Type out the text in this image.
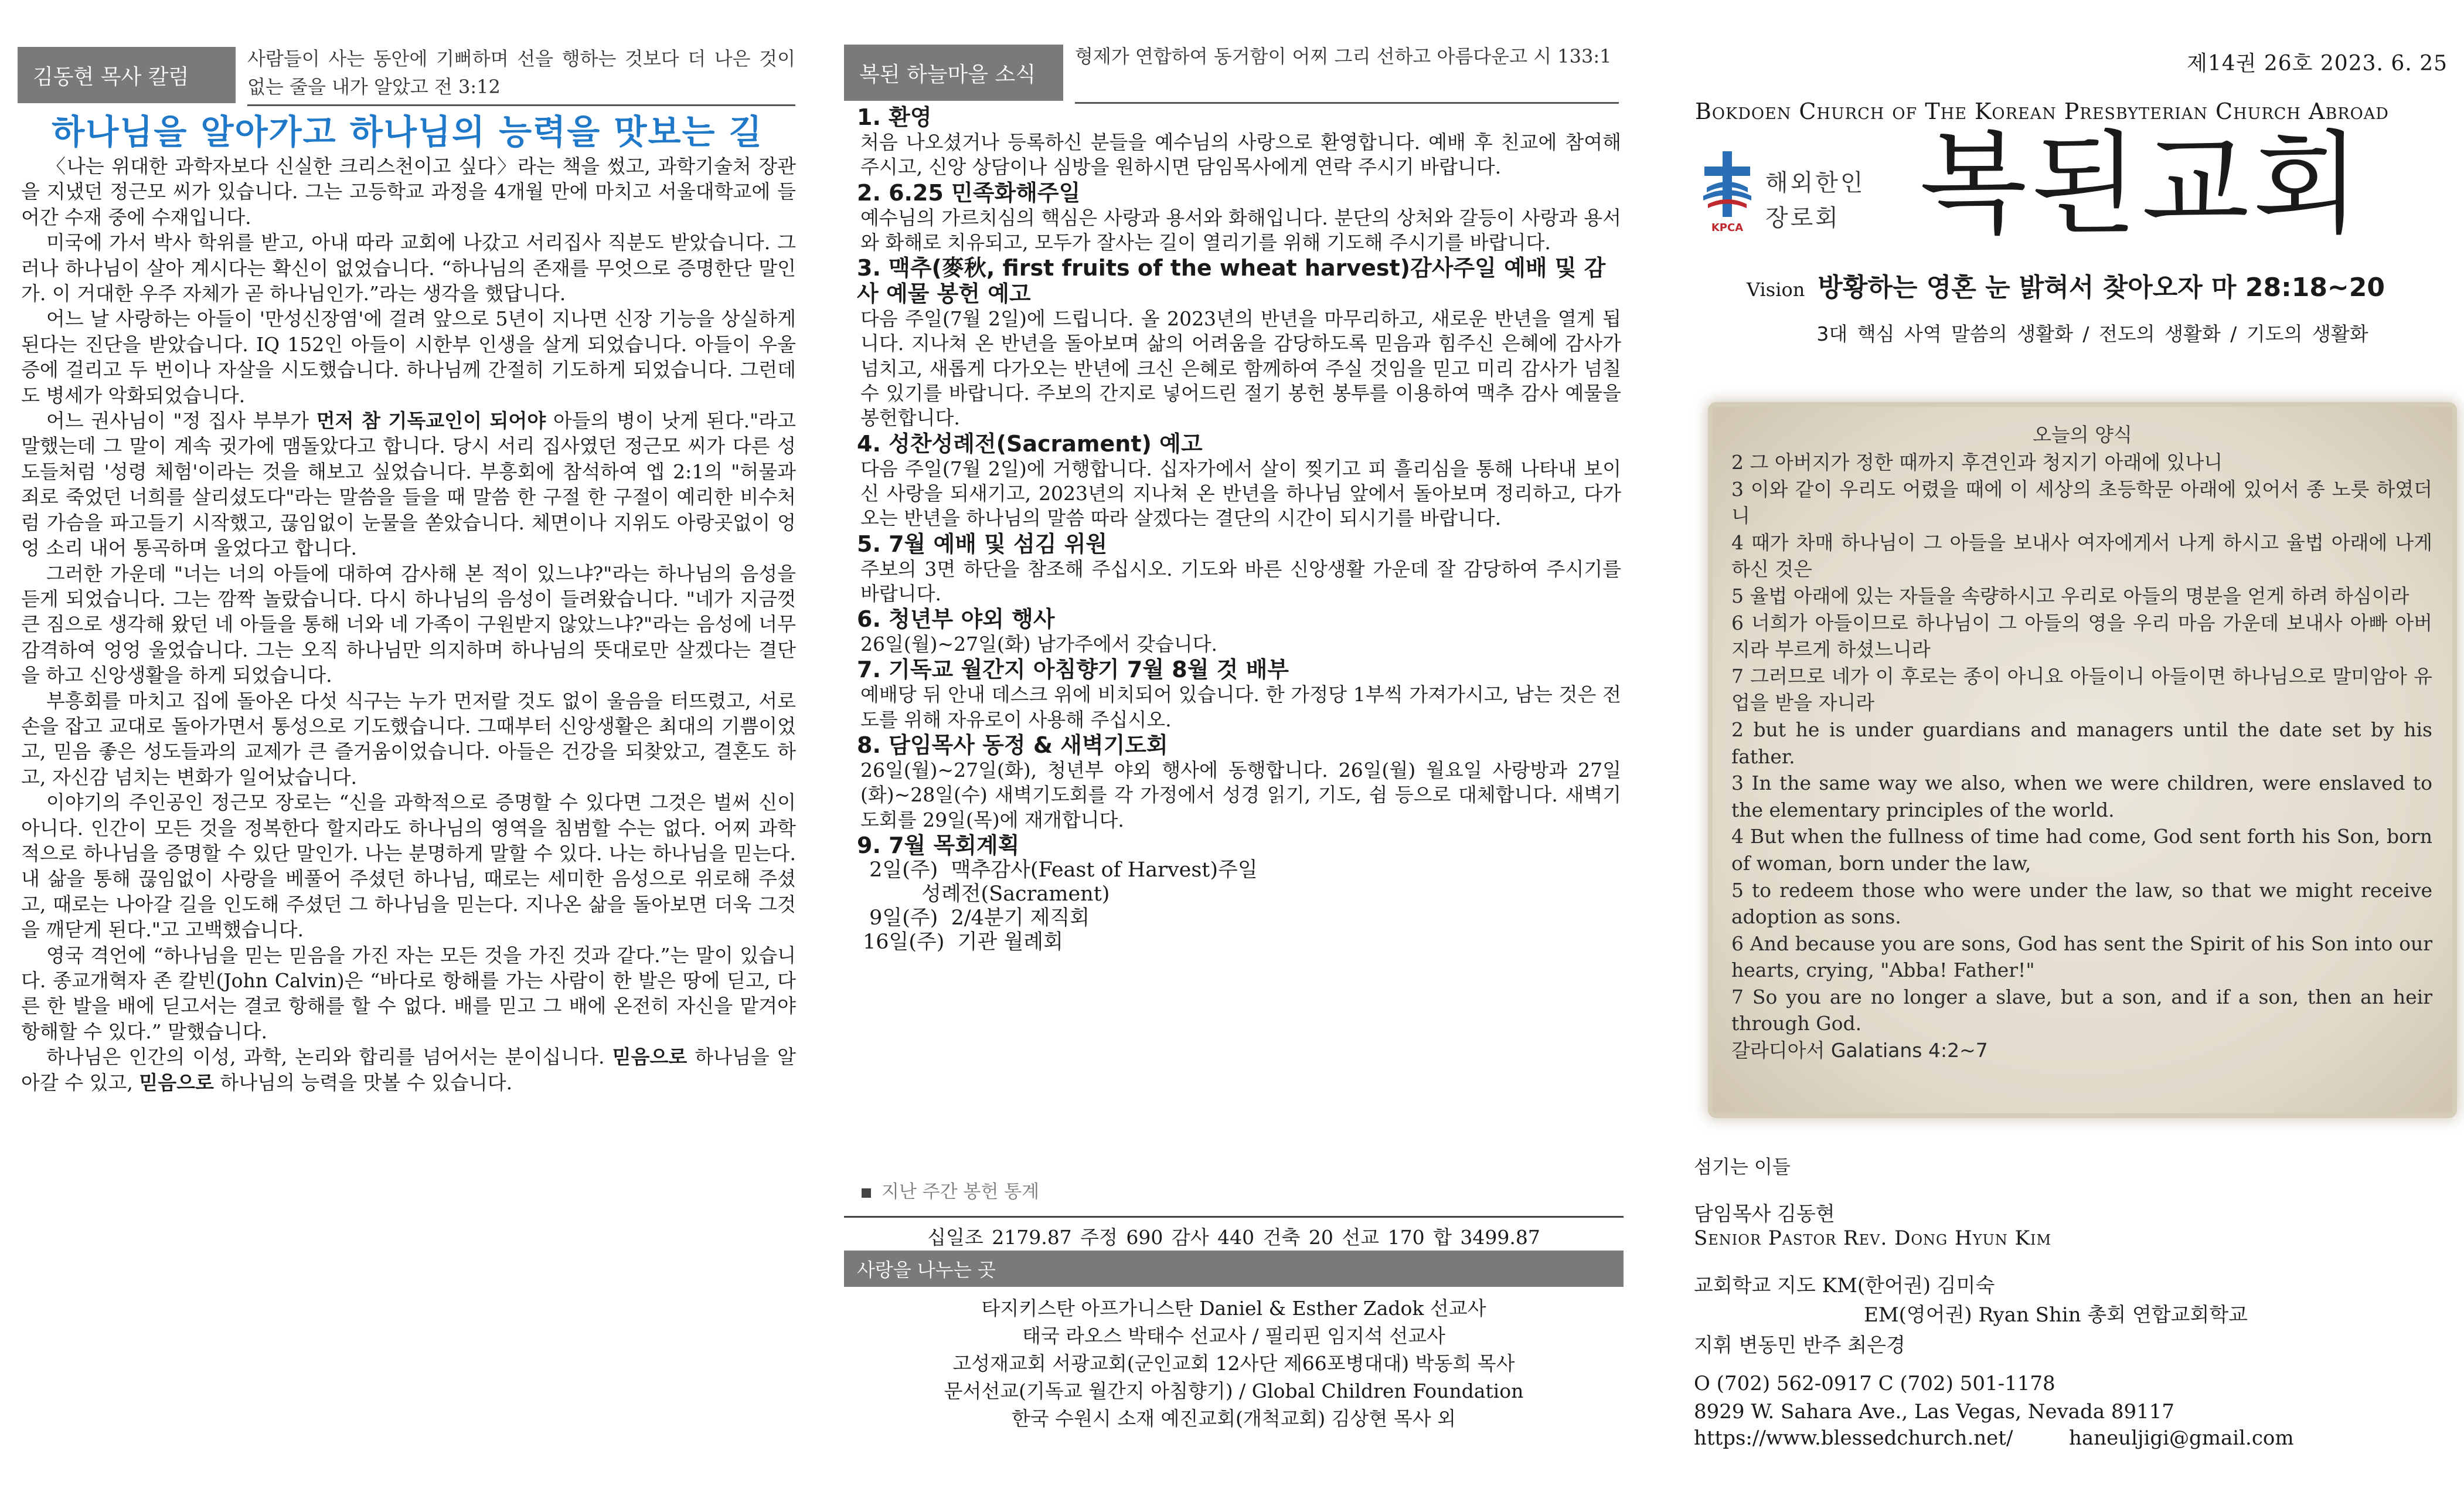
김동현 목사 칼럼
사람들이 사는 동안에 기뻐하며 선을 행하는 것보다 더 나은 것이 없는 줄을 내가 알았고 전 3:12
하나님을 알아가고 하나님의 능력을 맛보는 길

〈나는 위대한 과학자보다 신실한 크리스천이고 싶다〉라는 책을 썼고, 과학기술처 장관을 지냈던 정근모 씨가 있습니다. 그는 고등학교 과정을 4개월 만에 마치고 서울대학교에 들어간 수재 중에 수재입니다.

미국에 가서 박사 학위를 받고, 아내 따라 교회에 나갔고 서리집사 직분도 받았습니다. 그러나 하나님이 살아 계시다는 확신이 없었습니다. “하나님의 존재를 무엇으로 증명한단 말인가. 이 거대한 우주 자체가 곧 하나님인가.”라는 생각을 했답니다.

어느 날 사랑하는 아들이 '만성신장염'에 걸려 앞으로 5년이 지나면 신장 기능을 상실하게 된다는 진단을 받았습니다. IQ 152인 아들이 시한부 인생을 살게 되었습니다. 아들이 우울증에 걸리고 두 번이나 자살을 시도했습니다. 하나님께 간절히 기도하게 되었습니다. 그런데도 병세가 악화되었습니다.

어느 권사님이 "정 집사 부부가 먼저 참 기독교인이 되어야 아들의 병이 낫게 된다."라고 말했는데 그 말이 계속 귓가에 맴돌았다고 합니다. 당시 서리 집사였던 정근모 씨가 다른 성도들처럼 '성령 체험'이라는 것을 해보고 싶었습니다. 부흥회에 참석하여 엡 2:1의 "허물과 죄로 죽었던 너희를 살리셨도다"라는 말씀을 들을 때 말씀 한 구절 한 구절이 예리한 비수처럼 가슴을 파고들기 시작했고, 끊임없이 눈물을 쏟았습니다. 체면이나 지위도 아랑곳없이 엉엉 소리 내어 통곡하며 울었다고 합니다.

그러한 가운데 "너는 너의 아들에 대하여 감사해 본 적이 있느냐?"라는 하나님의 음성을 듣게 되었습니다. 그는 깜짝 놀랐습니다. 다시 하나님의 음성이 들려왔습니다. "네가 지금껏 큰 짐으로 생각해 왔던 네 아들을 통해 너와 네 가족이 구원받지 않았느냐?"라는 음성에 너무 감격하여 엉엉 울었습니다. 그는 오직 하나님만 의지하며 하나님의 뜻대로만 살겠다는 결단을 하고 신앙생활을 하게 되었습니다.

부흥회를 마치고 집에 돌아온 다섯 식구는 누가 먼저랄 것도 없이 울음을 터뜨렸고, 서로 손을 잡고 교대로 돌아가면서 통성으로 기도했습니다. 그때부터 신앙생활은 최대의 기쁨이었고, 믿음 좋은 성도들과의 교제가 큰 즐거움이었습니다. 아들은 건강을 되찾았고, 결혼도 하고, 자신감 넘치는 변화가 일어났습니다.

이야기의 주인공인 정근모 장로는 “신을 과학적으로 증명할 수 있다면 그것은 벌써 신이 아니다. 인간이 모든 것을 정복한다 할지라도 하나님의 영역을 침범할 수는 없다. 어찌 과학적으로 하나님을 증명할 수 있단 말인가. 나는 분명하게 말할 수 있다. 나는 하나님을 믿는다. 내 삶을 통해 끊임없이 사랑을 베풀어 주셨던 하나님, 때로는 세미한 음성으로 위로해 주셨고, 때로는 나아갈 길을 인도해 주셨던 그 하나님을 믿는다. 지나온 삶을 돌아보면 더욱 그것을 깨닫게 된다."고 고백했습니다.

영국 격언에 “하나님을 믿는 믿음을 가진 자는 모든 것을 가진 것과 같다.”는 말이 있습니다. 종교개혁자 존 칼빈(John Calvin)은 “바다로 항해를 가는 사람이 한 발은 땅에 딛고, 다른 한 발을 배에 딛고서는 결코 항해를 할 수 없다. 배를 믿고 그 배에 온전히 자신을 맡겨야 항해할 수 있다.” 말했습니다.

하나님은 인간의 이성, 과학, 논리와 합리를 넘어서는 분이십니다. 믿음으로 하나님을 알아갈 수 있고, 믿음으로 하나님의 능력을 맛볼 수 있습니다.

복된 하늘마을 소식
형제가 연합하여 동거함이 어찌 그리 선하고 아름다운고 시 133:1
1. 환영
처음 나오셨거나 등록하신 분들을 예수님의 사랑으로 환영합니다. 예배 후 친교에 참여해 주시고, 신앙 상담이나 심방을 원하시면 담임목사에게 연락 주시기 바랍니다.
2. 6.25 민족화해주일
예수님의 가르치심의 핵심은 사랑과 용서와 화해입니다. 분단의 상처와 갈등이 사랑과 용서와 화해로 치유되고, 모두가 잘사는 길이 열리기를 위해 기도해 주시기를 바랍니다.
3. 맥추(麥秋, first fruits of the wheat harvest)감사주일 예배 및 감사 예물 봉헌 예고
다음 주일(7월 2일)에 드립니다. 올 2023년의 반년을 마무리하고, 새로운 반년을 열게 됩니다. 지나쳐 온 반년을 돌아보며 삶의 어려움을 감당하도록 믿음과 힘주신 은혜에 감사가 넘치고, 새롭게 다가오는 반년에 크신 은혜로 함께하여 주실 것임을 믿고 미리 감사가 넘칠 수 있기를 바랍니다. 주보의 간지로 넣어드린 절기 봉헌 봉투를 이용하여 맥추 감사 예물을 봉헌합니다.
4. 성찬성례전(Sacrament) 예고
다음 주일(7월 2일)에 거행합니다. 십자가에서 살이 찢기고 피 흘리심을 통해 나타내 보이신 사랑을 되새기고, 2023년의 지나쳐 온 반년을 하나님 앞에서 돌아보며 정리하고, 다가오는 반년을 하나님의 말씀 따라 살겠다는 결단의 시간이 되시기를 바랍니다.
5. 7월 예배 및 섬김 위원
주보의 3면 하단을 참조해 주십시오. 기도와 바른 신앙생활 가운데 잘 감당하여 주시기를 바랍니다.
6. 청년부 야외 행사
26일(월)~27일(화) 남가주에서 갖습니다.
7. 기독교 월간지 아침향기 7월 8월 것 배부
예배당 뒤 안내 데스크 위에 비치되어 있습니다. 한 가정당 1부씩 가져가시고, 남는 것은 전도를 위해 자유로이 사용해 주십시오.
8. 담임목사 동정 & 새벽기도회
26일(월)~27일(화), 청년부 야외 행사에 동행합니다. 26일(월) 월요일 사랑방과 27일(화)~28일(수) 새벽기도회를 각 가정에서 성경 읽기, 기도, 쉼 등으로 대체합니다. 새벽기도회를 29일(목)에 재개합니다.
9. 7월 목회계획
2일(주)  맥추감사(Feast of Harvest)주일
성례전(Sacrament)
9일(주)  2/4분기 제직회
16일(주)  기관 월례회
지난 주간 봉헌 통계
십일조 2179.87 주정 690 감사 440 건축 20 선교 170 합 3499.87
사랑을 나누는 곳
타지키스탄 아프가니스탄 Daniel & Esther Zadok 선교사
태국 라오스 박태수 선교사 / 필리핀 임지석 선교사
고성재교회 서광교회(군인교회 12사단 제66포병대대) 박동희 목사
문서선교(기독교 월간지 아침향기) / Global Children Foundation
한국 수원시 소재 예진교회(개척교회) 김상현 목사 외
제14권 26호 2023. 6. 25
Bokdoen Church of The Korean Presbyterian Church Abroad
KPCA
해외한인
장로회 복된교회
Vision 방황하는 영혼 눈 밝혀서 찾아오자 마 28:18~20
3대 핵심 사역 말씀의 생활화 / 전도의 생활화 / 기도의 생활화
오늘의 양식

2 그 아버지가 정한 때까지 후견인과 청지기 아래에 있나니

3 이와 같이 우리도 어렸을 때에 이 세상의 초등학문 아래에 있어서 종 노릇 하였더니

4 때가 차매 하나님이 그 아들을 보내사 여자에게서 나게 하시고 율법 아래에 나게 하신 것은

5 율법 아래에 있는 자들을 속량하시고 우리로 아들의 명분을 얻게 하려 하심이라

6 너희가 아들이므로 하나님이 그 아들의 영을 우리 마음 가운데 보내사 아빠 아버지라 부르게 하셨느니라

7 그러므로 네가 이 후로는 종이 아니요 아들이니 아들이면 하나님으로 말미암아 유업을 받을 자니라

2 but he is under guardians and managers until the date set by his father.

3 In the same way we also, when we were children, were enslaved to the elementary principles of the world.

4 But when the fullness of time had come, God sent forth his Son, born of woman, born under the law,

5 to redeem those who were under the law, so that we might receive adoption as sons.

6 And because you are sons, God has sent the Spirit of his Son into our hearts, crying, "Abba! Father!"

7 So you are no longer a slave, but a son, and if a son, then an heir through God.

갈라디아서 Galatians 4:2~7

섬기는 이들
담임목사 김동현
Senior Pastor Rev. Dong Hyun Kim
교회학교 지도 KM(한어권) 김미숙
EM(영어권) Ryan Shin 총회 연합교회학교
지휘 변동민 반주 최은경
O (702) 562-0917 C (702) 501-1178
8929 W. Sahara Ave., Las Vegas, Nevada 89117
https://www.blessedchurch.net/	haneuljigi@gmail.com
